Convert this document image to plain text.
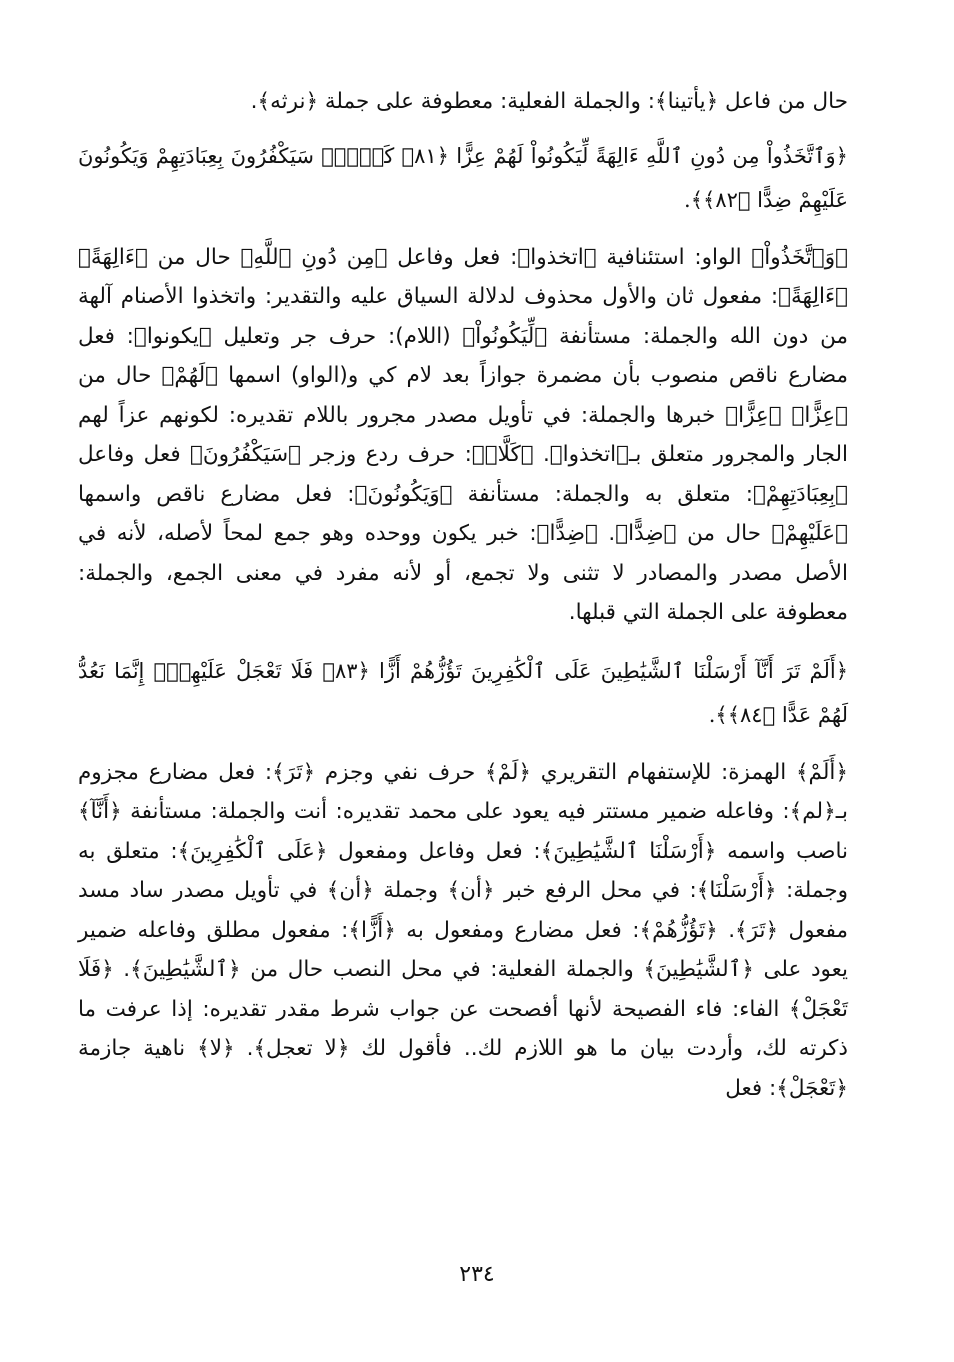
حال من فاعل ﴿يأتينا﴾: والجملة الفعلية: معطوفة على جملة ﴿نرثه﴾.

﴿وَٱتَّخَذُواْ مِن دُونِ ٱللَّهِ ءَالِهَةً لِّيَكُونُواْ لَهُمْ عِزًّا ﴿٨١﴾ كَلَّاۚ سَيَكْفُرُونَ بِعِبَادَتِهِمْ وَيَكُونُونَ عَلَيْهِمْ ضِدًّا ﴿٨٢﴾﴾.

﴿وَٱتَّخَذُواْ﴾ الواو: استئنافية ﴿اتخذوا﴾: فعل وفاعل ﴿مِن دُونِ ٱللَّهِ﴾ حال من ﴿ءَالِهَةً﴾ ﴿ءَالِهَةً﴾: مفعول ثان والأول محذوف لدلالة السياق عليه والتقدير: واتخذوا الأصنام آلهة من دون الله والجملة: مستأنفة ﴿لِّيَكُونُواْ﴾ (اللام): حرف جر وتعليل ﴿يكونوا﴾: فعل مضارع ناقص منصوب بأن مضمرة جوازاً بعد لام كي و(الواو) اسمها ﴿لَهُمْ﴾ حال من ﴿عِزًّا﴾ ﴿عِزًّا﴾ خبرها والجملة: في تأويل مصدر مجرور باللام تقديره: لكونهم عزاً لهم الجار والمجرور متعلق بـ﴿اتخذوا﴾. ﴿كَلَّاۚ﴾: حرف ردع وزجر ﴿سَيَكْفُرُونَ﴾ فعل وفاعل ﴿بِعِبَادَتِهِمْ﴾: متعلق به والجملة: مستأنفة ﴿وَيَكُونُونَ﴾: فعل مضارع ناقص واسمها ﴿عَلَيْهِمْ﴾ حال من ﴿ضِدًّا﴾. ﴿ضِدًّا﴾: خبر يكون ووحده وهو جمع لمحاً لأصله، لأنه في الأصل مصدر والمصادر لا تثنى ولا تجمع، أو لأنه مفرد في معنى الجمع، والجملة: معطوفة على الجملة التي قبلها.

﴿أَلَمْ تَرَ أَنَّآ أَرْسَلْنَا ٱلشَّيَٰطِينَ عَلَى ٱلْكَٰفِرِينَ تَؤُزُّهُمْ أَزًّا ﴿٨٣﴾ فَلَا تَعْجَلْ عَلَيْهِمْۖ إِنَّمَا نَعُدُّ لَهُمْ عَدًّا ﴿٨٤﴾﴾.

﴿أَلَمْ﴾ الهمزة: للإستفهام التقريري ﴿لَمْ﴾ حرف نفي وجزم ﴿تَرَ﴾: فعل مضارع مجزوم بـ﴿لم﴾: وفاعله ضمير مستتر فيه يعود على محمد تقديره: أنت والجملة: مستأنفة ﴿أَنَّآ﴾ ناصب واسمه ﴿أَرْسَلْنَا ٱلشَّيَٰطِينَ﴾: فعل وفاعل ومفعول ﴿عَلَى ٱلْكَٰفِرِينَ﴾: متعلق به وجملة: ﴿أَرْسَلْنَا﴾: في محل الرفع خبر ﴿أن﴾ وجملة ﴿أن﴾ في تأويل مصدر ساد مسد مفعول ﴿تَرَ﴾. ﴿تَؤُزُّهُمْ﴾: فعل مضارع ومفعول به ﴿أَزًّا﴾: مفعول مطلق وفاعله ضمير يعود على ﴿ٱلشَّيَٰطِينَ﴾ والجملة الفعلية: في محل النصب حال من ﴿ٱلشَّيَٰطِينَ﴾. ﴿فَلَا تَعْجَلْ﴾ الفاء: فاء الفصيحة لأنها أفصحت عن جواب شرط مقدر تقديره: إذا عرفت ما ذكرته لك، وأردت بيان ما هو اللازم لك.. فأقول لك ﴿لا تعجل﴾. ﴿لا﴾ ناهية جازمة ﴿تَعْجَلْ﴾: فعل

٢٣٤
